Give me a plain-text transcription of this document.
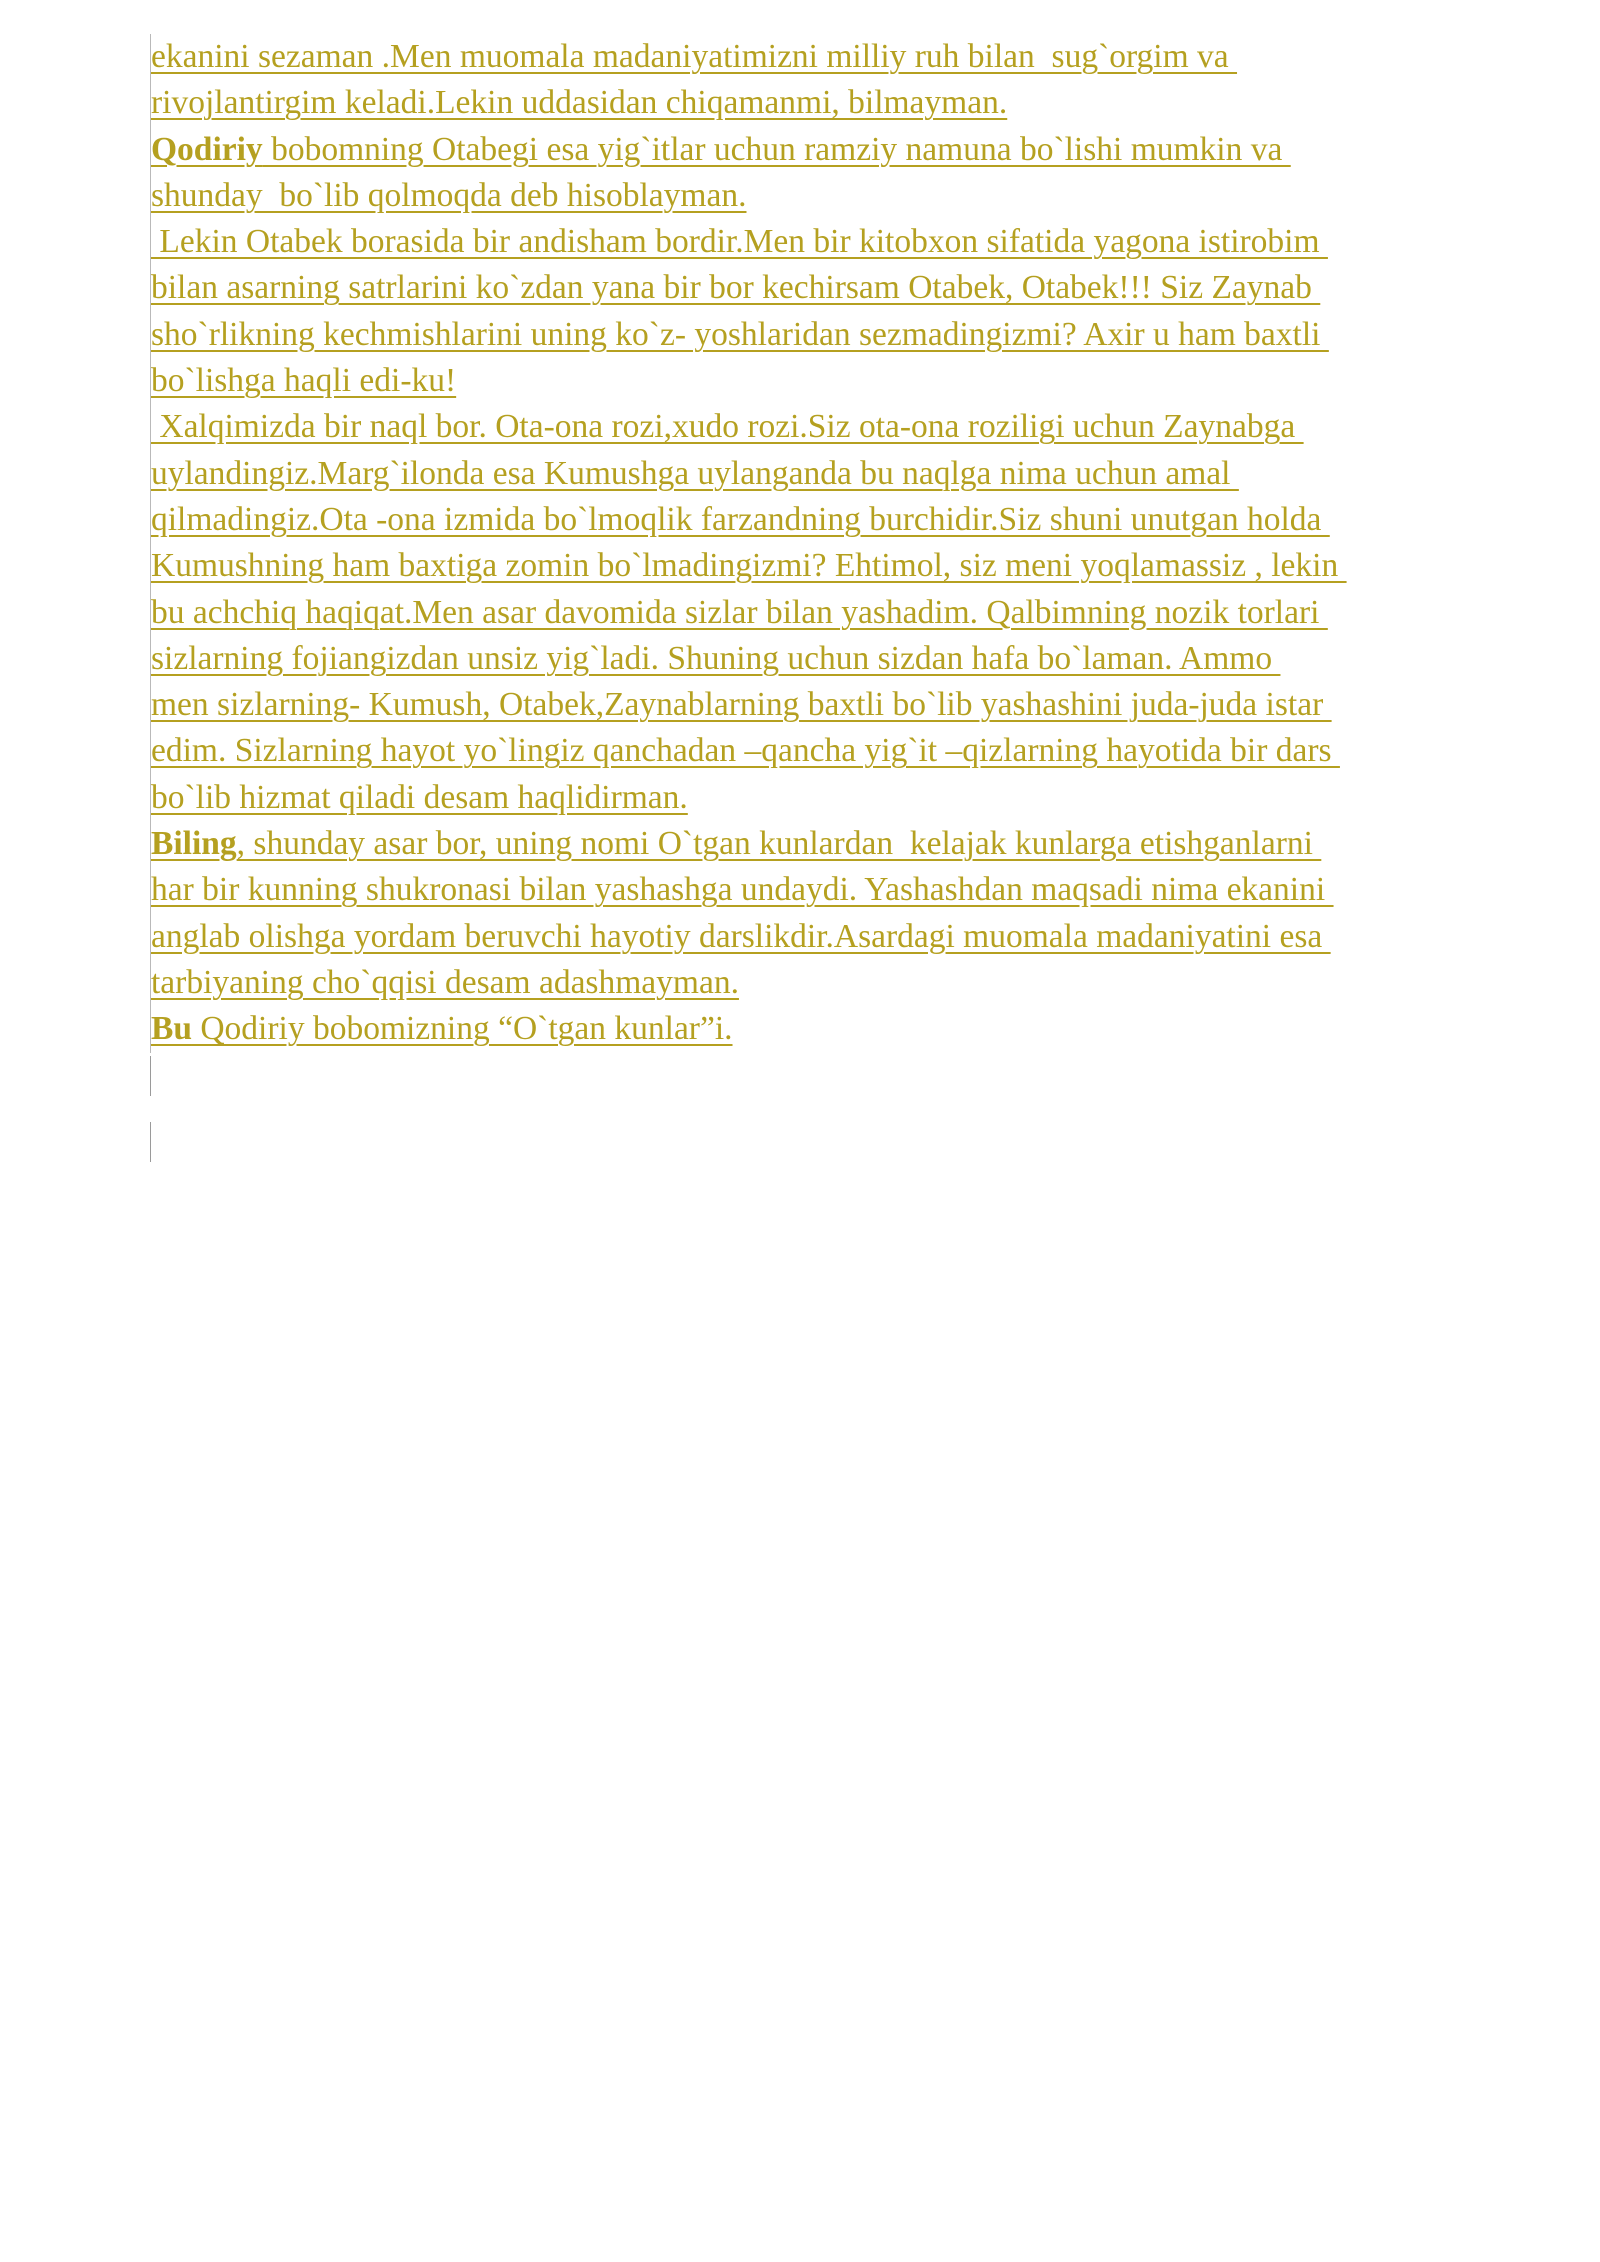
ekanini sezaman .Men muomala madaniyatimizni milliy ruh bilan  sug`orgim va
rivojlantirgim keladi.Lekin uddasidan chiqamanmi, bilmayman.
Qodiriy bobomning Otabegi esa yig`itlar uchun ramziy namuna bo`lishi mumkin va
shunday  bo`lib qolmoqda deb hisoblayman.
Lekin Otabek borasida bir andisham bordir.Men bir kitobxon sifatida yagona istirobim
bilan asarning satrlarini ko`zdan yana bir bor kechirsam Otabek, Otabek!!! Siz Zaynab
sho`rlikning kechmishlarini uning ko`z- yoshlaridan sezmadingizmi? Axir u ham baxtli
bo`lishga haqli edi-ku!
Xalqimizda bir naql bor. Ota-ona rozi,xudo rozi.Siz ota-ona roziligi uchun Zaynabga
uylandingiz.Marg`ilonda esa Kumushga uylanganda bu naqlga nima uchun amal
qilmadingiz.Ota -ona izmida bo`lmoqlik farzandning burchidir.Siz shuni unutgan holda
Kumushning ham baxtiga zomin bo`lmadingizmi? Ehtimol, siz meni yoqlamassiz , lekin
bu achchiq haqiqat.Men asar davomida sizlar bilan yashadim. Qalbimning nozik torlari
sizlarning fojiangizdan unsiz yig`ladi. Shuning uchun sizdan hafa bo`laman. Ammo
men sizlarning- Kumush, Otabek,Zaynablarning baxtli bo`lib yashashini juda-juda istar
edim. Sizlarning hayot yo`lingiz qanchadan –qancha yig`it –qizlarning hayotida bir dars
bo`lib hizmat qiladi desam haqlidirman.
Biling, shunday asar bor, uning nomi O`tgan kunlardan  kelajak kunlarga etishganlarni
har bir kunning shukronasi bilan yashashga undaydi. Yashashdan maqsadi nima ekanini
anglab olishga yordam beruvchi hayotiy darslikdir.Asardagi muomala madaniyatini esa
tarbiyaning cho`qqisi desam adashmayman.
Bu Qodiriy bobomizning “O`tgan kunlar”i.
